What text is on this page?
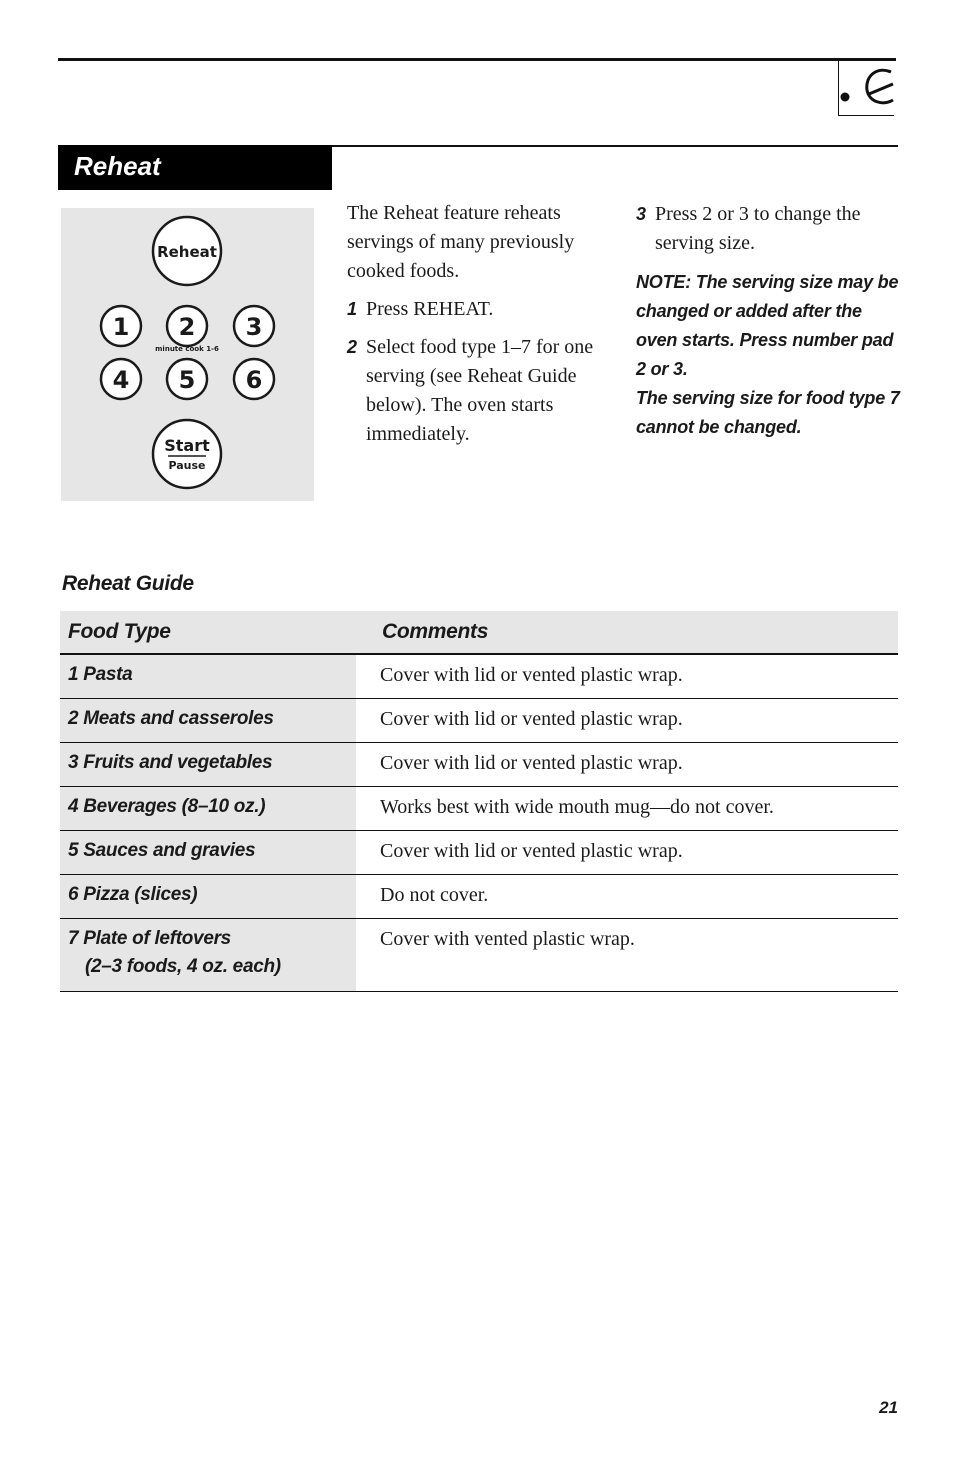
Reheat
Reheat
1 2
minute cook 1-6
3
4 5 6
Start
Pause

The Reheat feature reheats servings of many previously cooked foods.

1 Press REHEAT.
2 Select food type 1–7 for one serving (see Reheat Guide below). The oven starts immediately.
3 Press 2 or 3 to change the serving size.
NOTE: The serving size may be changed or added after the oven starts. Press number pad 2 or 3.
The serving size for food type 7 cannot be changed.
Reheat Guide
Food Type	Comments
1 Pasta	Cover with lid or vented plastic wrap.
2 Meats and casseroles	Cover with lid or vented plastic wrap.
3 Fruits and vegetables	Cover with lid or vented plastic wrap.
4 Beverages (8–10 oz.)	Works best with wide mouth mug—do not cover.
5 Sauces and gravies	Cover with lid or vented plastic wrap.
6 Pizza (slices)	Do not cover.
7 Plate of leftovers
(2–3 foods, 4 oz. each)	Cover with vented plastic wrap.
21
